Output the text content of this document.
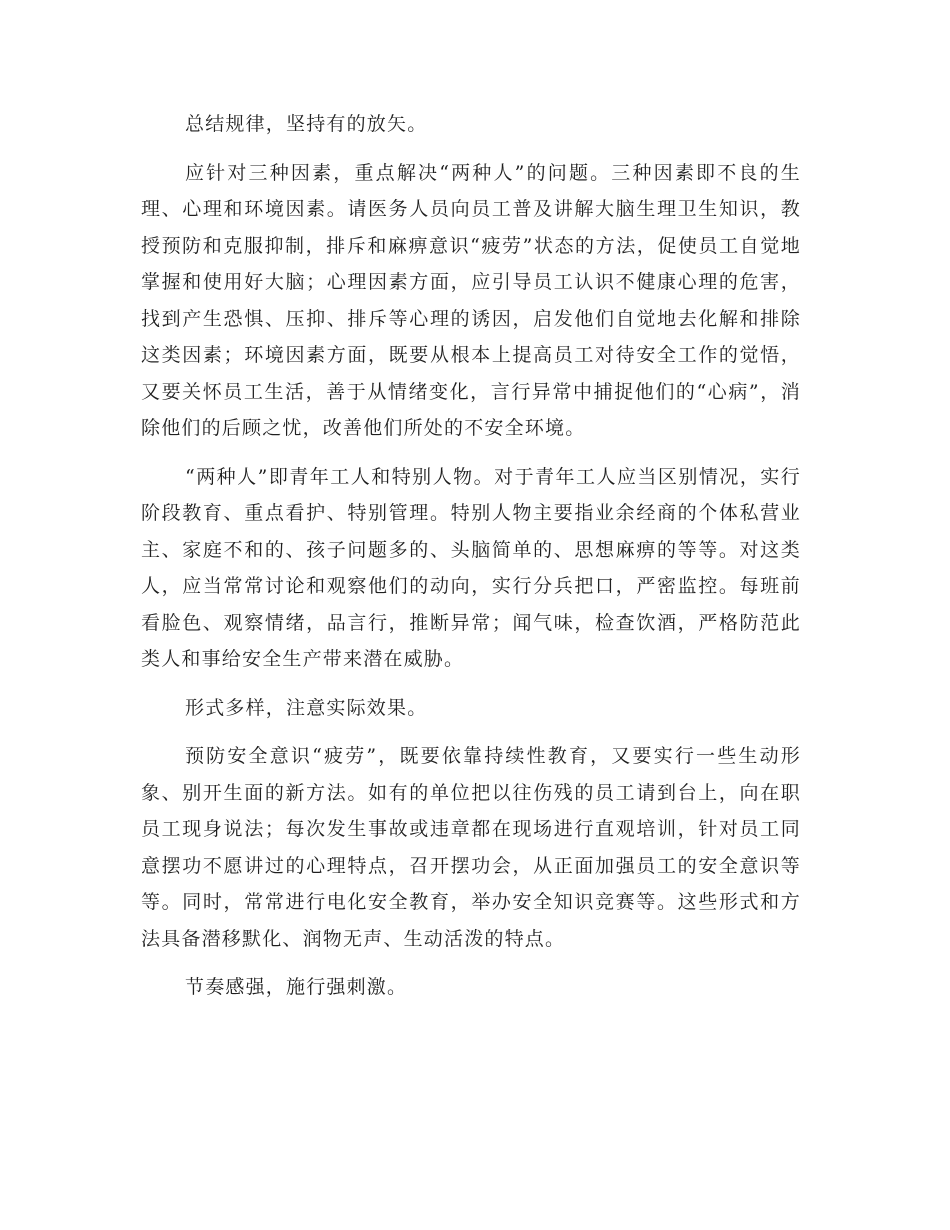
总结规律，坚持有的放矢。

应针对三种因素，重点解决“两种人”的问题。三种因素即不良的生理、心理和环境因素。请医务人员向员工普及讲解大脑生理卫生知识，教授预防和克服抑制，排斥和麻痹意识“疲劳”状态的方法，促使员工自觉地掌握和使用好大脑；心理因素方面，应引导员工认识不健康心理的危害，找到产生恐惧、压抑、排斥等心理的诱因，启发他们自觉地去化解和排除这类因素；环境因素方面，既要从根本上提高员工对待安全工作的觉悟，又要关怀员工生活，善于从情绪变化，言行异常中捕捉他们的“心病”，消除他们的后顾之忧，改善他们所处的不安全环境。

“两种人”即青年工人和特别人物。对于青年工人应当区别情况，实行阶段教育、重点看护、特别管理。特别人物主要指业余经商的个体私营业主、家庭不和的、孩子问题多的、头脑简单的、思想麻痹的等等。对这类人，应当常常讨论和观察他们的动向，实行分兵把口，严密监控。每班前看脸色、观察情绪，品言行，推断异常；闻气味，检查饮酒，严格防范此类人和事给安全生产带来潜在威胁。

形式多样，注意实际效果。

预防安全意识“疲劳”，既要依靠持续性教育，又要实行一些生动形象、别开生面的新方法。如有的单位把以往伤残的员工请到台上，向在职员工现身说法；每次发生事故或违章都在现场进行直观培训，针对员工同意摆功不愿讲过的心理特点，召开摆功会，从正面加强员工的安全意识等等。同时，常常进行电化安全教育，举办安全知识竞赛等。这些形式和方法具备潜移默化、润物无声、生动活泼的特点。

节奏感强，施行强刺激。
